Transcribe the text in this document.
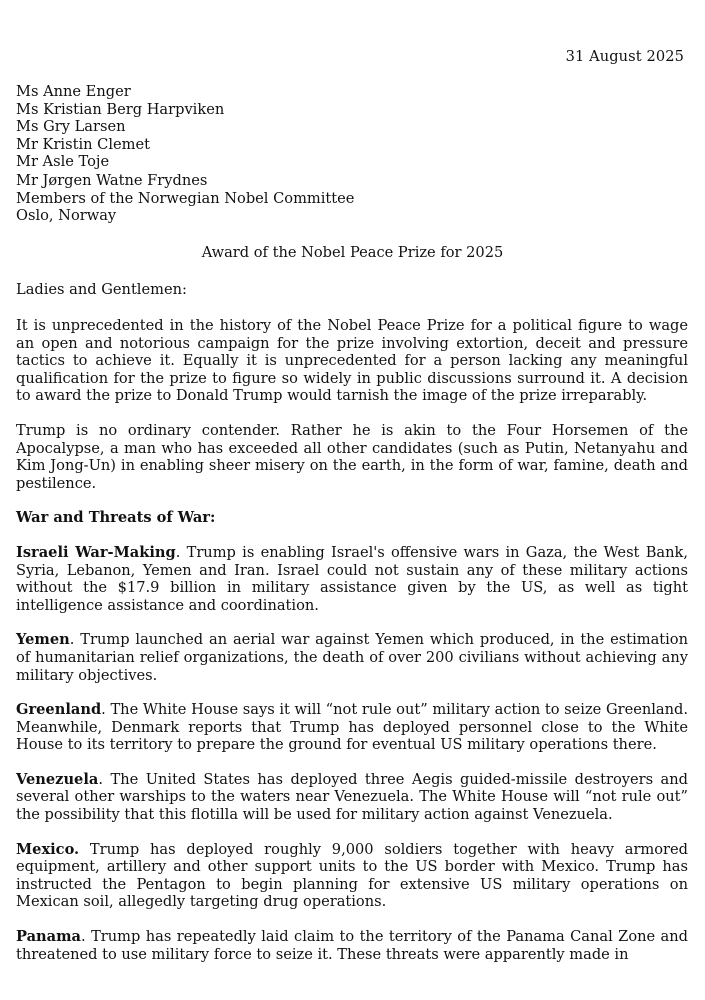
31 August 2025
Ms Anne Enger
Ms Kristian Berg Harpviken
Ms Gry Larsen
Mr Kristin Clemet
Mr Asle Toje
Mr Jørgen Watne Frydnes
Members of the Norwegian Nobel Committee
Oslo, Norway
Award of the Nobel Peace Prize for 2025
Ladies and Gentlemen:

It is unprecedented in the history of the Nobel Peace Prize for a political figure to wage an open and notorious campaign for the prize involving extortion, deceit and pressure tactics to achieve it. Equally it is unprecedented for a person lacking any meaningful qualification for the prize to figure so widely in public discussions surround it. A decision to award the prize to Donald Trump would tarnish the image of the prize irreparably.

Trump is no ordinary contender. Rather he is akin to the Four Horsemen of the Apocalypse, a man who has exceeded all other candidates (such as Putin, Netanyahu and Kim Jong-Un) in enabling sheer misery on the earth, in the form of war, famine, death and pestilence.

War and Threats of War:

Israeli War-Making. Trump is enabling Israel's offensive wars in Gaza, the West Bank, Syria, Lebanon, Yemen and Iran. Israel could not sustain any of these military actions without the $17.9 billion in military assistance given by the US, as well as tight intelligence assistance and coordination.

Yemen. Trump launched an aerial war against Yemen which produced, in the estimation of humanitarian relief organizations, the death of over 200 civilians without achieving any military objectives.

Greenland. The White House says it will “not rule out” military action to seize Greenland. Meanwhile, Denmark reports that Trump has deployed personnel close to the White House to its territory to prepare the ground for eventual US military operations there.

Venezuela. The United States has deployed three Aegis guided-missile destroyers and several other warships to the waters near Venezuela. The White House will “not rule out” the possibility that this flotilla will be used for military action against Venezuela.

Mexico. Trump has deployed roughly 9,000 soldiers together with heavy armored equipment, artillery and other support units to the US border with Mexico. Trump has instructed the Pentagon to begin planning for extensive US military operations on Mexican soil, allegedly targeting drug operations.

Panama. Trump has repeatedly laid claim to the territory of the Panama Canal Zone and threatened to use military force to seize it. These threats were apparently made in
